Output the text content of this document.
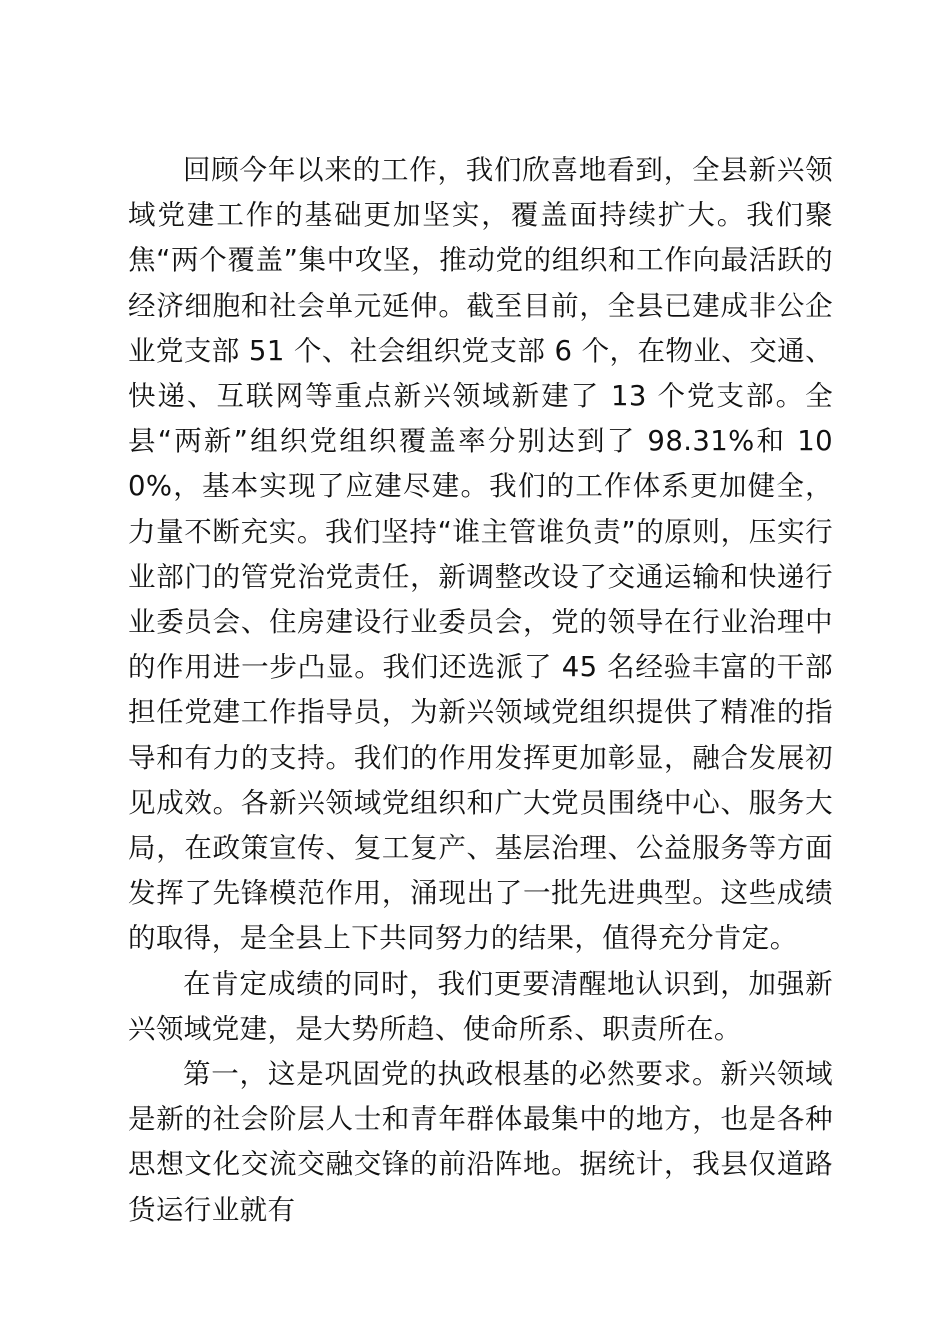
回顾今年以来的工作，我们欣喜地看到，全县新兴领域党建工作的基础更加坚实，覆盖面持续扩大。我们聚焦“两个覆盖”集中攻坚，推动党的组织和工作向最活跃的经济细胞和社会单元延伸。截至目前，全县已建成非公企业党支部 51 个、社会组织党支部 6 个，在物业、交通、快递、互联网等重点新兴领域新建了 13 个党支部。全县“两新”组织党组织覆盖率分别达到了 98.31%和 100%，基本实现了应建尽建。我们的工作体系更加健全，力量不断充实。我们坚持“谁主管谁负责”的原则，压实行业部门的管党治党责任，新调整改设了交通运输和快递行业委员会、住房建设行业委员会，党的领导在行业治理中的作用进一步凸显。我们还选派了 45 名经验丰富的干部担任党建工作指导员，为新兴领域党组织提供了精准的指导和有力的支持。我们的作用发挥更加彰显，融合发展初见成效。各新兴领域党组织和广大党员围绕中心、服务大局，在政策宣传、复工复产、基层治理、公益服务等方面发挥了先锋模范作用，涌现出了一批先进典型。这些成绩的取得，是全县上下共同努力的结果，值得充分肯定。

在肯定成绩的同时，我们更要清醒地认识到，加强新兴领域党建，是大势所趋、使命所系、职责所在。

第一，这是巩固党的执政根基的必然要求。新兴领域是新的社会阶层人士和青年群体最集中的地方，也是各种思想文化交流交融交锋的前沿阵地。据统计，我县仅道路货运行业就有
